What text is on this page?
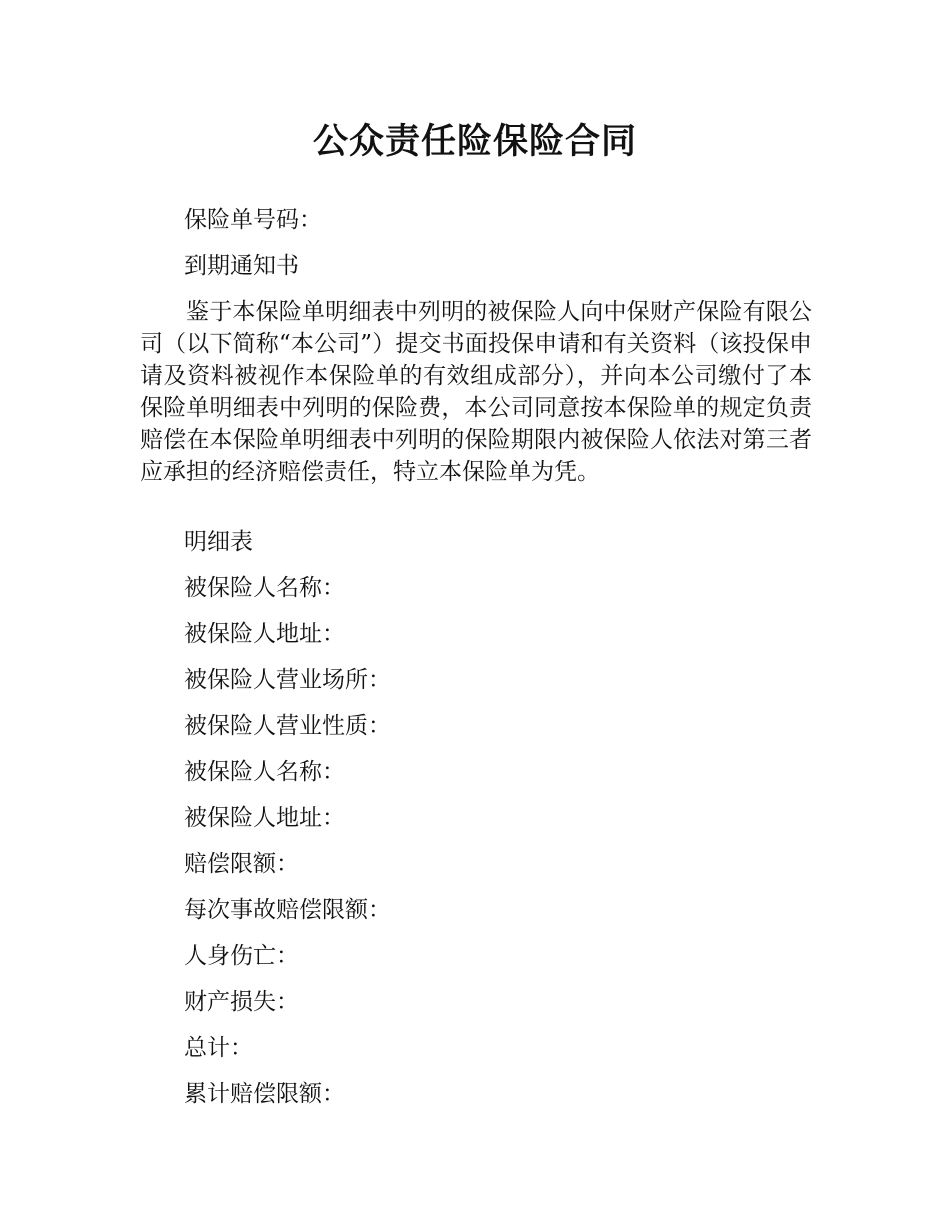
公众责任险保险合同

保险单号码：

到期通知书

鉴于本保险单明细表中列明的被保险人向中保财产保险有限公司（以下简称“本公司”）提交书面投保申请和有关资料（该投保申请及资料被视作本保险单的有效组成部分），并向本公司缴付了本保险单明细表中列明的保险费，本公司同意按本保险单的规定负责赔偿在本保险单明细表中列明的保险期限内被保险人依法对第三者应承担的经济赔偿责任，特立本保险单为凭。

明细表

被保险人名称：

被保险人地址：

被保险人营业场所：

被保险人营业性质：

被保险人名称：

被保险人地址：

赔偿限额：

每次事故赔偿限额：

人身伤亡：

财产损失：

总计：

累计赔偿限额：
